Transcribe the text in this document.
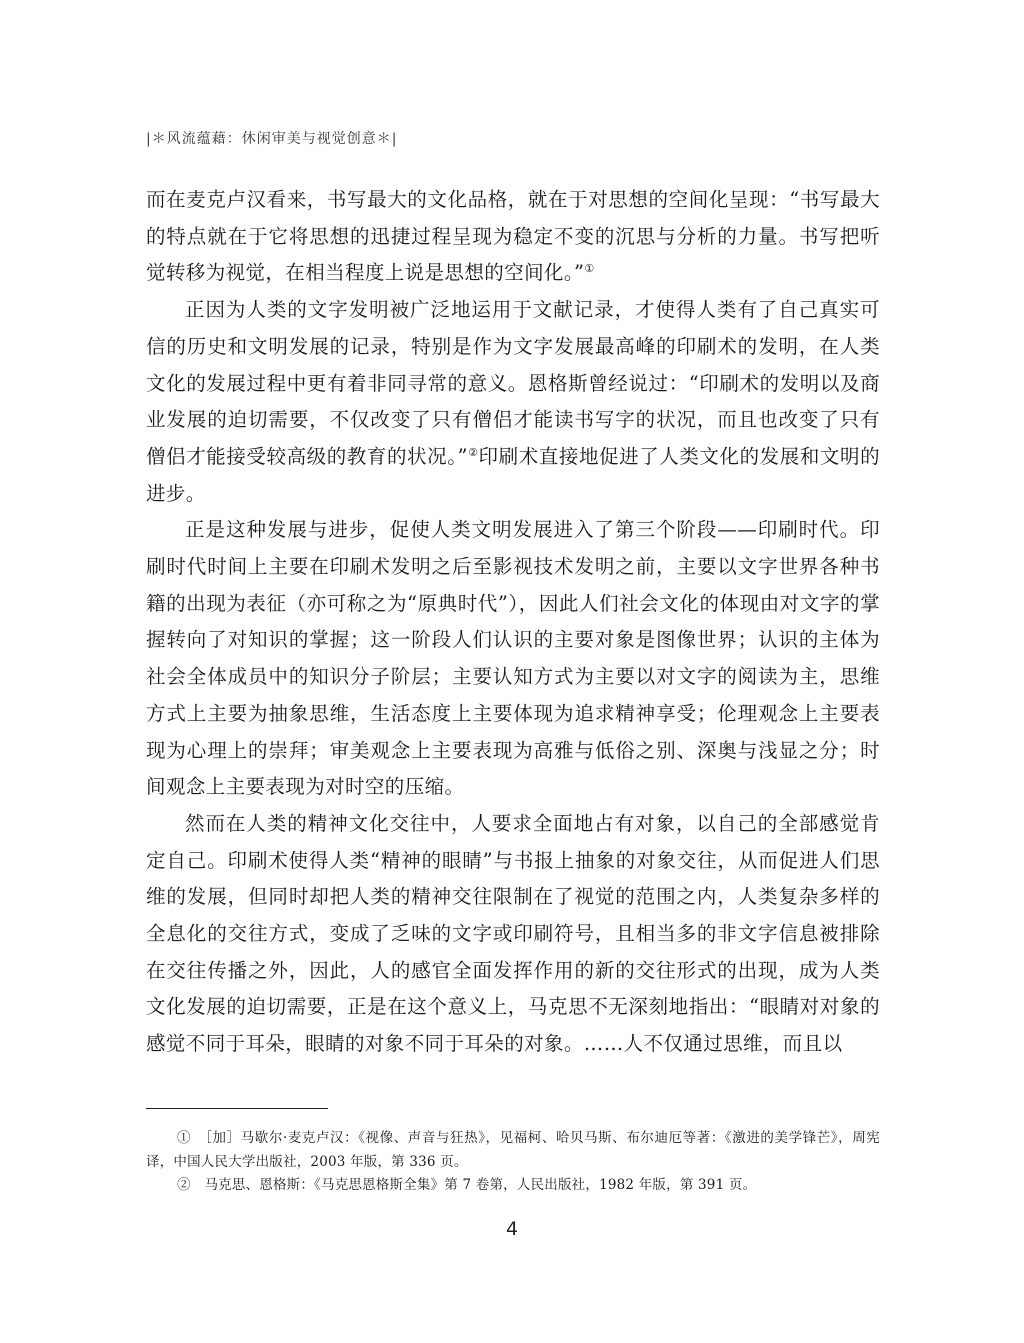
|＊风流蕴藉：休闲审美与视觉创意＊|

而在麦克卢汉看来，书写最大的文化品格，就在于对思想的空间化呈现：“书写最大的特点就在于它将思想的迅捷过程呈现为稳定不变的沉思与分析的力量。书写把听觉转移为视觉，在相当程度上说是思想的空间化。”①

正因为人类的文字发明被广泛地运用于文献记录，才使得人类有了自己真实可信的历史和文明发展的记录，特别是作为文字发展最高峰的印刷术的发明，在人类文化的发展过程中更有着非同寻常的意义。恩格斯曾经说过：“印刷术的发明以及商业发展的迫切需要，不仅改变了只有僧侣才能读书写字的状况，而且也改变了只有僧侣才能接受较高级的教育的状况。”②印刷术直接地促进了人类文化的发展和文明的进步。

正是这种发展与进步，促使人类文明发展进入了第三个阶段——印刷时代。印刷时代时间上主要在印刷术发明之后至影视技术发明之前，主要以文字世界各种书籍的出现为表征（亦可称之为“原典时代”），因此人们社会文化的体现由对文字的掌握转向了对知识的掌握；这一阶段人们认识的主要对象是图像世界；认识的主体为社会全体成员中的知识分子阶层；主要认知方式为主要以对文字的阅读为主，思维方式上主要为抽象思维，生活态度上主要体现为追求精神享受；伦理观念上主要表现为心理上的崇拜；审美观念上主要表现为高雅与低俗之别、深奥与浅显之分；时间观念上主要表现为对时空的压缩。

然而在人类的精神文化交往中，人要求全面地占有对象，以自己的全部感觉肯定自己。印刷术使得人类“精神的眼睛”与书报上抽象的对象交往，从而促进人们思维的发展，但同时却把人类的精神交往限制在了视觉的范围之内，人类复杂多样的全息化的交往方式，变成了乏味的文字或印刷符号，且相当多的非文字信息被排除在交往传播之外，因此，人的感官全面发挥作用的新的交往形式的出现，成为人类文化发展的迫切需要，正是在这个意义上，马克思不无深刻地指出：“眼睛对对象的感觉不同于耳朵，眼睛的对象不同于耳朵的对象。……人不仅通过思维，而且以

①　［加］马歇尔·麦克卢汉：《视像、声音与狂热》，见福柯、哈贝马斯、布尔迪厄等著：《激进的美学锋芒》，周宪译，中国人民大学出版社，2003 年版，第 336 页。

②　马克思、恩格斯：《马克思恩格斯全集》第 7 卷第，人民出版社，1982 年版，第 391 页。

4
